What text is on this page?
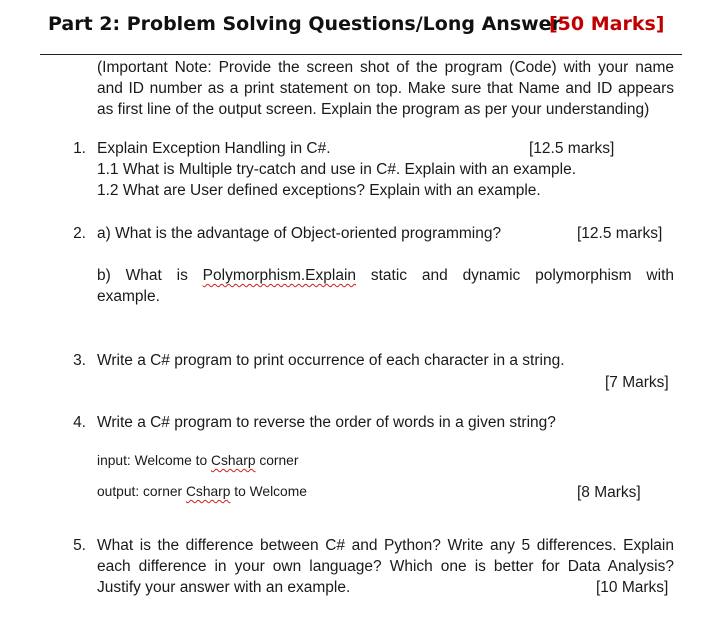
Part 2: Problem Solving Questions/Long Answer
[50 Marks]
(Important Note: Provide the screen shot of the program (Code) with your name
and ID number as a print statement on top. Make sure that Name and ID appears
as first line of the output screen. Explain the program as per your understanding)
1. Explain Exception Handling in C#.	[12.5 marks]
1.1 What is Multiple try-catch and use in C#. Explain with an example.
1.2 What are User defined exceptions? Explain with an example.
2. a) What is the advantage of Object-oriented programming?	[12.5 marks]
b) What is Polymorphism.Explain static and dynamic polymorphism with
example.
3. Write a C# program to print occurrence of each character in a string.
[7 Marks]
4. Write a C# program to reverse the order of words in a given string?
input: Welcome to Csharp corner
output: corner Csharp to Welcome	[8 Marks]
5. What is the difference between C# and Python? Write any 5 differences. Explain
each difference in your own language? Which one is better for Data Analysis?
Justify your answer with an example.	[10 Marks]
